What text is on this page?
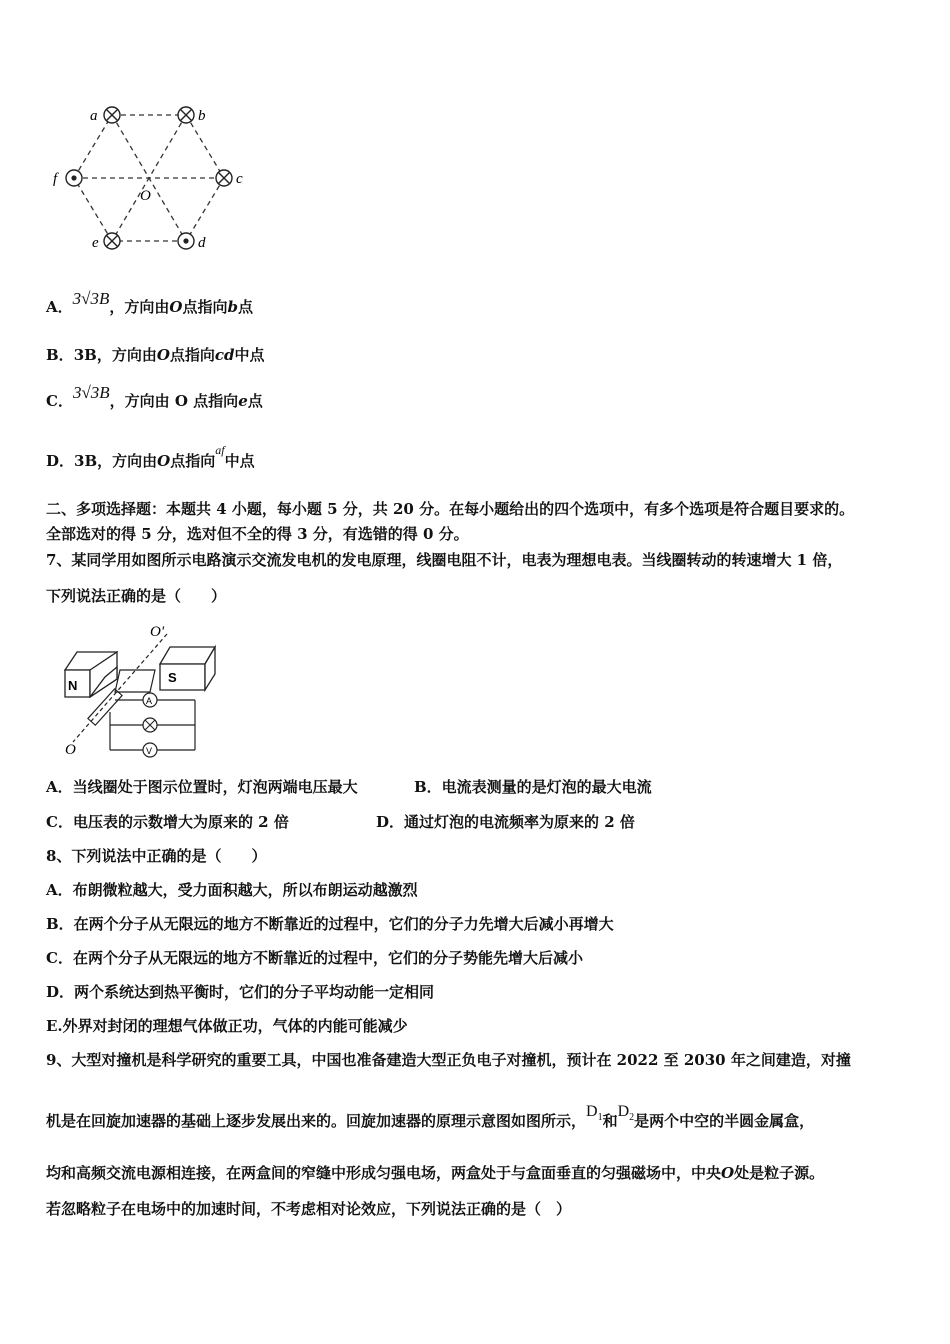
a	b
c
d
e
f
O
A．3√3B，方向由O点指向b点
B．3B，方向由O点指向cd中点
C．3√3B，方向由 O 点指向e点
D．3B，方向由O点指向$^{af}$中点
二、多项选择题：本题共 4 小题，每小题 5 分，共 20 分。在每小题给出的四个选项中，有多个选项是符合题目要求的。
全部选对的得 5 分，选对但不全的得 3 分，有选错的得 0 分。
7、某同学用如图所示电路演示交流发电机的发电原理，线圈电阻不计，电表为理想电表。当线圈转动的转速增大 1 倍，
下列说法正确的是（　　）
N
S
O'
O
A
V
A．当线圈处于图示位置时，灯泡两端电压最大	B．电流表测量的是灯泡的最大电流
C．电压表的示数增大为原来的 2 倍	D．通过灯泡的电流频率为原来的 2 倍
8、下列说法中正确的是（　　）
A．布朗微粒越大，受力面积越大，所以布朗运动越激烈
B．在两个分子从无限远的地方不断靠近的过程中，它们的分子力先增大后减小再增大
C．在两个分子从无限远的地方不断靠近的过程中，它们的分子势能先增大后减小
D．两个系统达到热平衡时，它们的分子平均动能一定相同
E.外界对封闭的理想气体做正功，气体的内能可能减少
9、大型对撞机是科学研究的重要工具，中国也准备建造大型正负电子对撞机，预计在 2022 至 2030 年之间建造，对撞
机是在回旋加速器的基础上逐步发展出来的。回旋加速器的原理示意图如图所示，$D_1$和$D_2$是两个中空的半圆金属盒，
均和高频交流电源相连接，在两盒间的窄缝中形成匀强电场，两盒处于与盒面垂直的匀强磁场中，中央O处是粒子源。
若忽略粒子在电场中的加速时间，不考虑相对论效应，下列说法正确的是（　）
